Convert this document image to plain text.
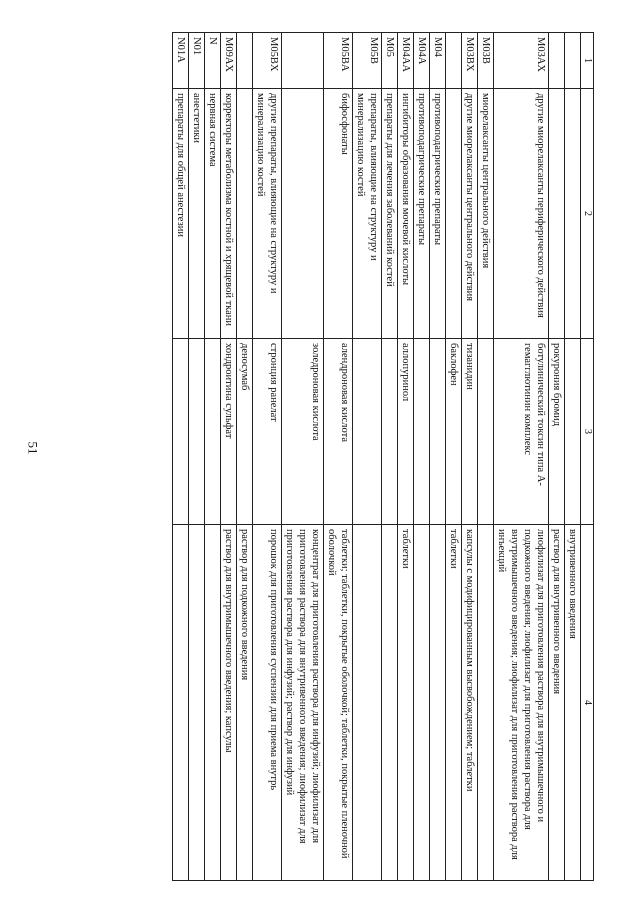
51
1	2	3	4
			внутривенного введения
		рокурония бромид	раствор для внутривенного введения
M03AX	другие миорелаксанты периферического действия	ботулинический токсин типа А-гемагглютинин комплекс	лиофилизат для приготовления раствора для внутримышечного и подкожного введения; лиофилизат для приготовления раствора для внутримышечного введения; лиофилизат для приготовления раствора для инъекций
M03B	миорелаксанты центрального действия		
M03BX	другие миорелаксанты центрального действия	тизанидин	капсулы с модифицированным высвобождением; таблетки
		баклофен	таблетки
M04	противоподагрические препараты		
M04A	противоподагрические препараты		
M04AA	ингибиторы образования мочевой кислоты	аллопуринол	таблетки
M05	препараты для лечения заболеваний костей		
M05B	препараты, влияющие на структуру и минерализацию костей		
M05BA	бифосфонаты	алендроновая кислота	таблетки; таблетки, покрытые оболочкой; таблетки, покрытые пленочной оболочкой
		золедроновая кислота	концентрат для приготовления раствора для инфузий; лиофилизат для приготовления раствора для внутривенного введения; лиофилизат для приготовления раствора для инфузий; раствор для инфузий
M05BX	другие препараты, влияющие на структуру и минерализацию костей	стронция ранелат	порошок для приготовления суспензии для приема внутрь
		деносумаб	раствор для подкожного введения
M09AX	корректоры метаболизма костной и хрящевой ткани	хондроитина сульфат	раствор для внутримышечного введения; капсулы
N	нервная система		
N01	анестетики		
N01A	препараты для общей анестезии		
